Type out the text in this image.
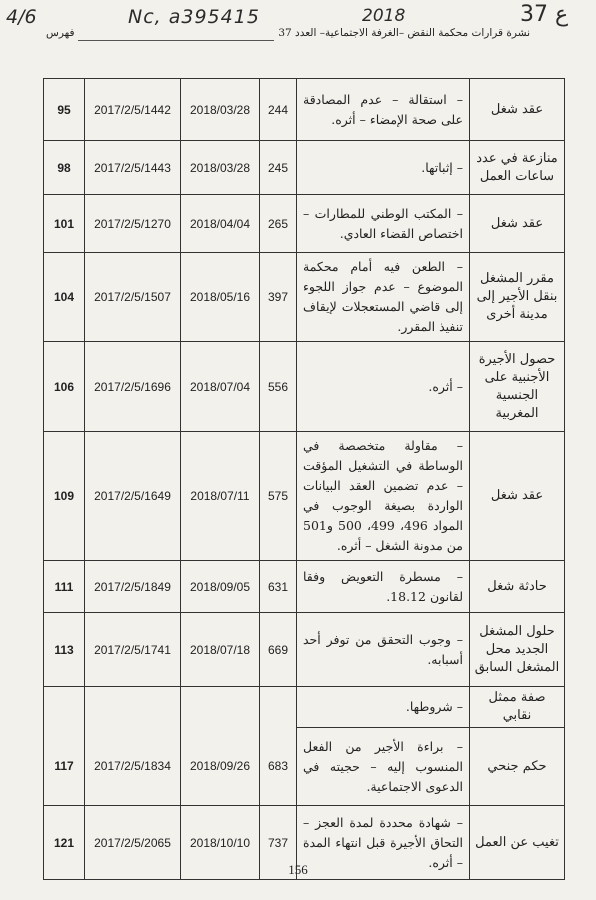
4/6	Nc, a395415	2018	37 ع
نشرة قرارات محكمة النقض –الغرفة الاجتماعية– العدد 37
فهرس
عقد شغل	– استقالة – عدم المصادقة على صحة الإمضاء – أثره.	244	2018/03/28	2017/2/5/1442	95
منازعة في عدد ساعات العمل	– إثباتها.	245	2018/03/28	2017/2/5/1443	98
عقد شغل	– المكتب الوطني للمطارات – اختصاص القضاء العادي.	265	2018/04/04	2017/2/5/1270	101
مقرر المشغل بنقل الأجير إلى مدينة أخرى	– الطعن فيه أمام محكمة الموضوع – عدم جواز اللجوء إلى قاضي المستعجلات لإيقاف تنفيذ المقرر.	397	2018/05/16	2017/2/5/1507	104
حصول الأجيرة الأجنبية على الجنسية المغربية	– أثره.	556	2018/07/04	2017/2/5/1696	106
عقد شغل	– مقاولة متخصصة في الوساطة في التشغيل المؤقت – عدم تضمين العقد البيانات الواردة بصيغة الوجوب في المواد 496، 499، 500 و501 من مدونة الشغل – أثره.	575	2018/07/11	2017/2/5/1649	109
حادثة شغل	– مسطرة التعويض وفقا لقانون 18.12.	631	2018/09/05	2017/2/5/1849	111
حلول المشغل الجديد محل المشغل السابق	– وجوب التحقق من توفر أحد أسبابه.	669	2018/07/18	2017/2/5/1741	113
صفة ممثل نقابي	– شروطها.				
حكم جنحي	– براءة الأجير من الفعل المنسوب إليه – حجيته في الدعوى الاجتماعية.	683	2018/09/26	2017/2/5/1834	117
تغيب عن العمل	– شهادة محددة لمدة العجز – التحاق الأجيرة قبل انتهاء المدة – أثره.	737	2018/10/10	2017/2/5/2065	121
156
